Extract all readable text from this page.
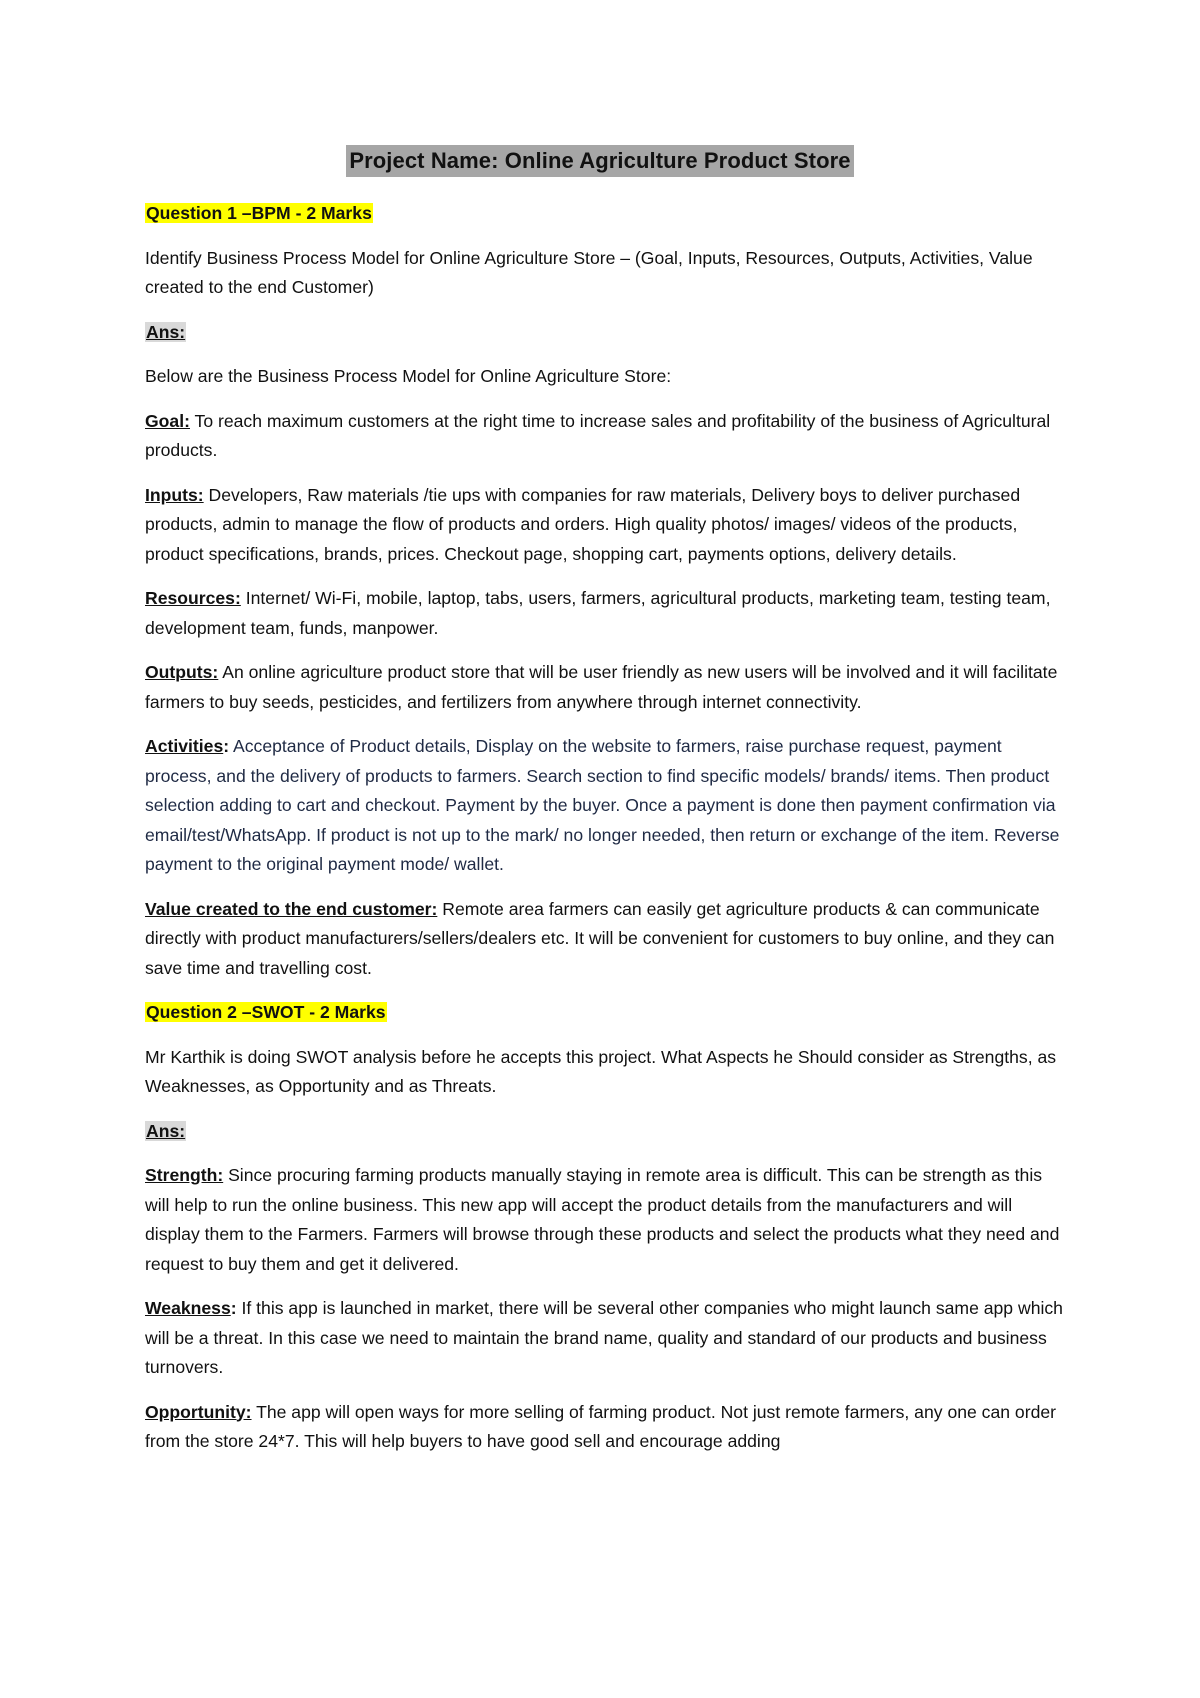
Project Name: Online Agriculture Product Store

Question 1 –BPM - 2 Marks

Identify Business Process Model for Online Agriculture Store – (Goal, Inputs, Resources, Outputs, Activities, Value created to the end Customer)

Ans:

Below are the Business Process Model for Online Agriculture Store:

Goal: To reach maximum customers at the right time to increase sales and profitability of the business of Agricultural products.

Inputs: Developers, Raw materials /tie ups with companies for raw materials, Delivery boys to deliver purchased products, admin to manage the flow of products and orders. High quality photos/ images/ videos of the products, product specifications, brands, prices. Checkout page, shopping cart, payments options, delivery details.

Resources: Internet/ Wi-Fi, mobile, laptop, tabs, users, farmers, agricultural products, marketing team, testing team, development team, funds, manpower.

Outputs: An online agriculture product store that will be user friendly as new users will be involved and it will facilitate farmers to buy seeds, pesticides, and fertilizers from anywhere through internet connectivity.

Activities: Acceptance of Product details, Display on the website to farmers, raise purchase request, payment process, and the delivery of products to farmers. Search section to find specific models/ brands/ items. Then product selection adding to cart and checkout. Payment by the buyer. Once a payment is done then payment confirmation via email/test/WhatsApp. If product is not up to the mark/ no longer needed, then return or exchange of the item. Reverse payment to the original payment mode/ wallet.

Value created to the end customer: Remote area farmers can easily get agriculture products & can communicate directly with product manufacturers/sellers/dealers etc. It will be convenient for customers to buy online, and they can save time and travelling cost.

Question 2 –SWOT - 2 Marks

Mr Karthik is doing SWOT analysis before he accepts this project. What Aspects he Should consider as Strengths, as Weaknesses, as Opportunity and as Threats.

Ans:

Strength: Since procuring farming products manually staying in remote area is difficult. This can be strength as this will help to run the online business. This new app will accept the product details from the manufacturers and will display them to the Farmers. Farmers will browse through these products and select the products what they need and request to buy them and get it delivered.

Weakness: If this app is launched in market, there will be several other companies who might launch same app which will be a threat. In this case we need to maintain the brand name, quality and standard of our products and business turnovers.

Opportunity: The app will open ways for more selling of farming product. Not just remote farmers, any one can order from the store 24*7. This will help buyers to have good sell and encourage adding
